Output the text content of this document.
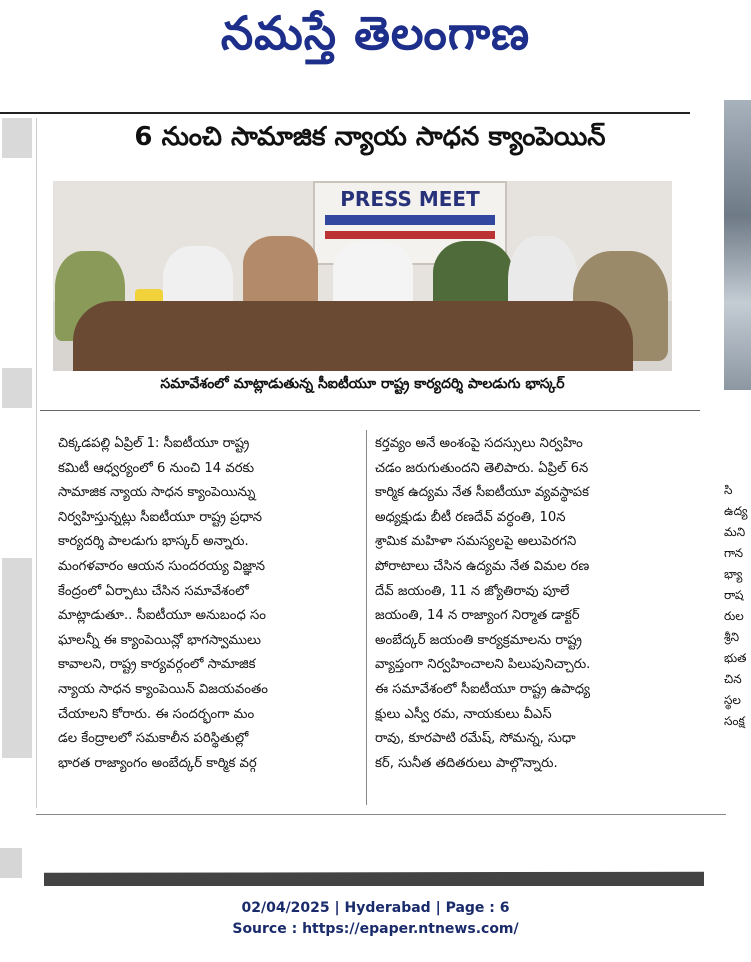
నమస్తే తెలంగాణ
సి
ఉద్య
మని
గాన
భ్యా
రాష
రుల
శ్రీని
భుత
చిన
స్థల
సంక్ష
6 నుంచి సామాజిక న్యాయ సాధన క్యాంపెయిన్
PRESS MEET
సమావేశంలో మాట్లాడుతున్న సీఐటీయూ రాష్ట్ర కార్యదర్శి పాలడుగు భాస్కర్
చిక్కడపల్లి ఏప్రిల్ 1: సీఐటీయూ రాష్ట్ర
కమిటీ ఆధ్వర్యంలో 6 నుంచి 14 వరకు
సామాజిక న్యాయ సాధన క్యాంపెయిన్ను
నిర్వహిస్తున్నట్లు సీఐటీయూ రాష్ట్ర ప్రధాన
కార్యదర్శి పాలడుగు భాస్కర్ అన్నారు.
మంగళవారం ఆయన సుందరయ్య విజ్ఞాన
కేంద్రంలో ఏర్పాటు చేసిన సమావేశంలో
మాట్లాడుతూ.. సీఐటీయూ అనుబంధ సం
ఘాలన్నీ ఈ క్యాంపెయిన్లో భాగస్వాములు
కావాలని, రాష్ట్ర కార్యవర్గంలో సామాజిక
న్యాయ సాధన క్యాంపెయిన్ విజయవంతం
చేయాలని కోరారు. ఈ సందర్భంగా మం
డల కేంద్రాలలో సమకాలీన పరిస్థితుల్లో
భారత రాజ్యాంగం అంబేద్కర్ కార్మిక వర్గ
కర్తవ్యం అనే అంశంపై సదస్సులు నిర్వహిం
చడం జరుగుతుందని తెలిపారు. ఏప్రిల్ 6న
కార్మిక ఉద్యమ నేత సీఐటీయూ వ్యవస్థాపక
అధ్యక్షుడు బీటీ రణదేవ్ వర్ధంతి, 10న
శ్రామిక మహిళా సమస్యలపై అలుపెరగని
పోరాటాలు చేసిన ఉద్యమ నేత విమల రణ
దేవ్ జయంతి, 11 న జ్యోతిరావు పూలే
జయంతి, 14 న రాజ్యాంగ నిర్మాత డాక్టర్
అంబేద్కర్ జయంతి కార్యక్రమాలను రాష్ట్ర
వ్యాప్తంగా నిర్వహించాలని పిలుపునిచ్చారు.
ఈ సమావేశంలో సీఐటీయూ రాష్ట్ర ఉపాధ్య
క్షులు ఎస్వీ రమ, నాయకులు వీఎస్
రావు, కూరపాటి రమేష్, సోమన్న, సుధా
కర్, సునీత తదితరులు పాల్గొన్నారు.
02/04/2025 | Hyderabad | Page : 6
Source : https://epaper.ntnews.com/
